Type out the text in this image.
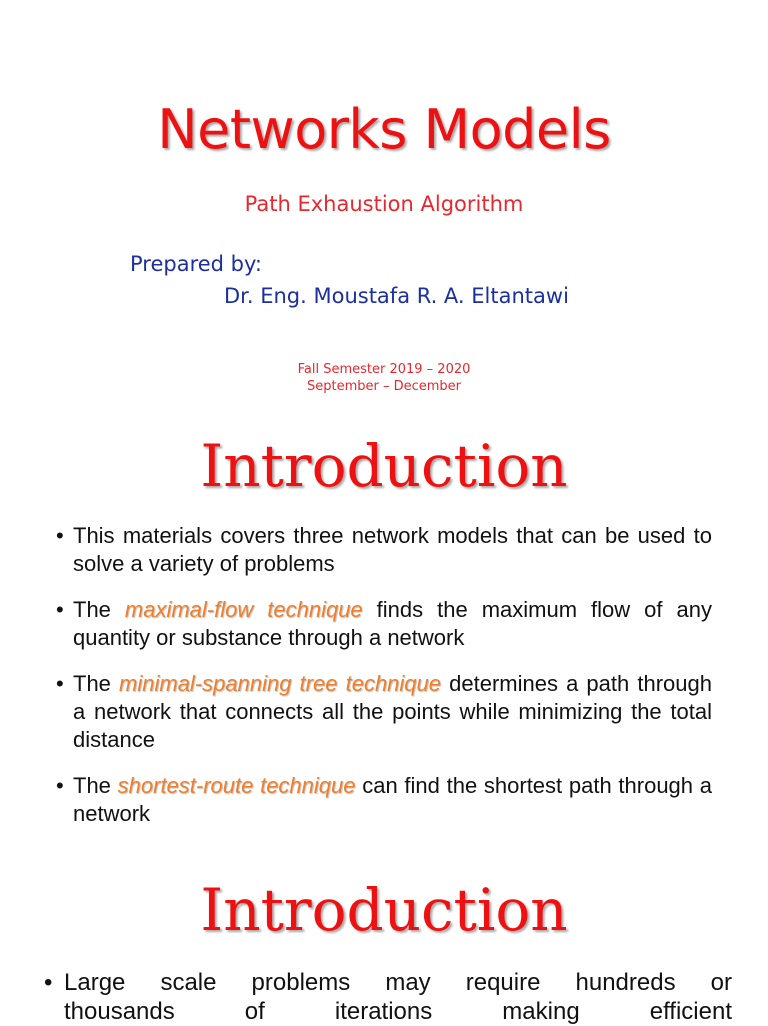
Networks Models
Path Exhaustion Algorithm
Prepared by:
Dr. Eng. Moustafa R. A. Eltantawi
Fall Semester 2019 – 2020
September – December
Introduction
• This materials covers three network models that can be used to solve a variety of problems
• The maximal-flow technique finds the maximum flow of any quantity or substance through a network
• The minimal-spanning tree technique determines a path through a network that connects all the points while minimizing the total distance
• The shortest-route technique can find the shortest path through a network
Introduction
• Large scale problems may require hundreds or
thousands of iterations making efficient
